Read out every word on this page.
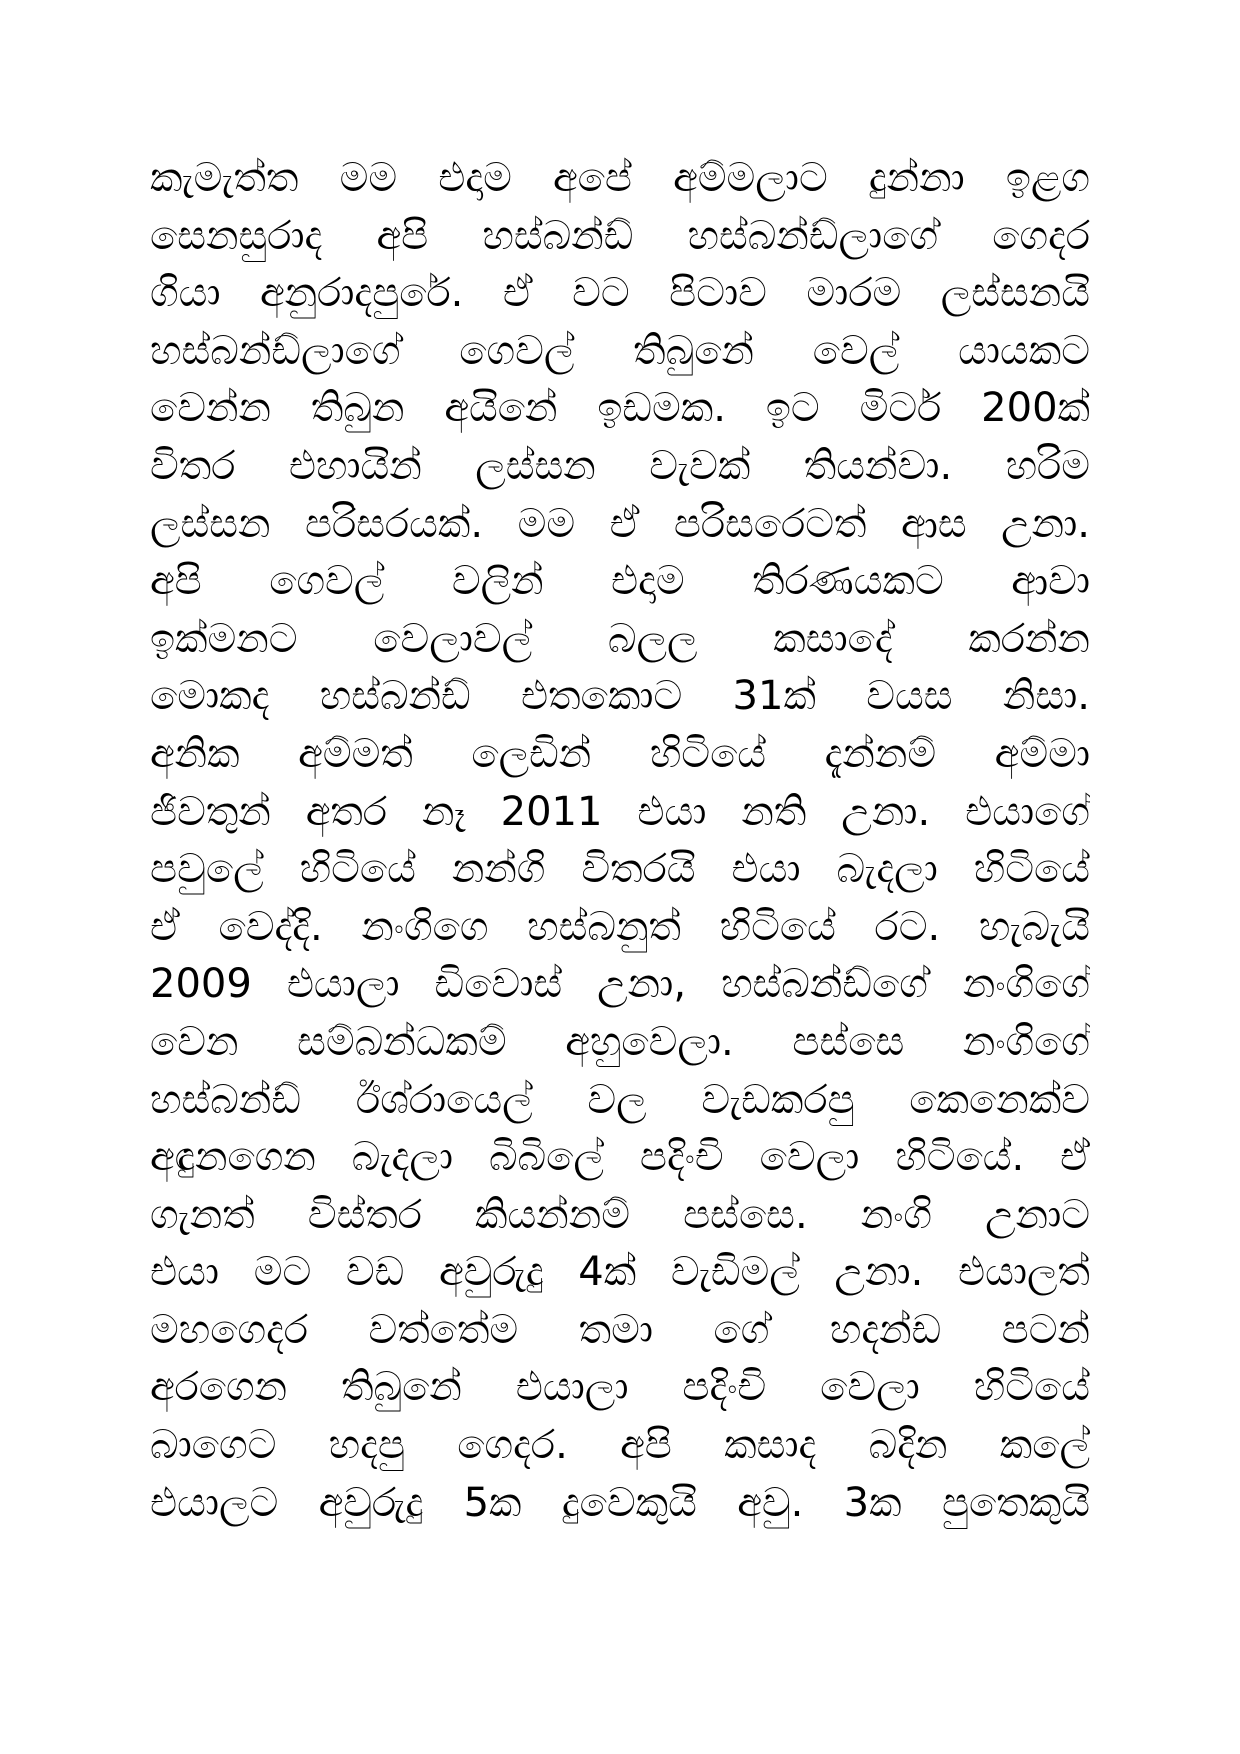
කැමැත්ත මම එදාම අපේ අම්මලාට දුන්නා ඉළග
සෙනසුරාද අපි හස්බන්ඩ් හස්බන්ඩ්ලාගේ ගෙදර
ගියා අනුරාදපුරේ. ඒ වට පිටාව මාරම ලස්සනයි
හස්බන්ඩ්ලාගේ ගෙවල් තිබුනේ වෙල් යායකට
වෙන්න තිබුන අයිනේ ඉඩමක. ඉට මිටර් 200ක්
විතර එහායින් ලස්සන වැවක් තියන්වා. හරිම
ලස්සන පරිසරයක්. මම ඒ පරිසරෙටත් ආස උනා.
අපි ගෙවල් වලින් එදාම තිරණයකට ආවා
ඉක්මනට වෙලාවල් බලල කසාදේ කරන්න
මොකද හස්බන්ඩ් එතකොට 31ක් වයස නිසා.
අනික අම්මත් ලෙඩින් හිටියේ දැන්නම් අම්මා
ජිවතුන් අතර නෑ 2011 එයා නති උනා. එයාගේ
පවුලේ හිටියේ නන්ගි විතරයි එයා බැදලා හිටියේ
ඒ වෙද්දි. නංගිගෙ හස්බනුත් හිටියේ රට. හැබැයි
2009 එයාලා ඩිවොස් උනා, හස්බන්ඩ්ගේ නංගිගේ
වෙන සම්බන්ධකම් අහුවෙලා. පස්සෙ නංගිගේ
හස්බන්ඩ් ඊශ්රායෙල් වල වැඩකරපු කෙනෙක්ව
අඳුනගෙන බැදලා බිබිලේ පදිංචි වෙලා හිටියේ. ඒ
ගැනත් විස්තර කියන්නම් පස්සෙ. නංගි උනාට
එයා මට වඩ අවුරුදු 4ක් වැඩිමල් උනා. එයාලත්
මහගෙදර වත්තේම තමා ගේ හදන්ඩ පටන්
අරගෙන තිබුනේ එයාලා පදිංචි වෙලා හිටියේ
බාගෙට හදපු ගෙදර. අපි කසාද බදින කලේ
එයාලට අවුරුදු 5ක දුවෙකුයි අවු. 3ක පුතෙකුයි
